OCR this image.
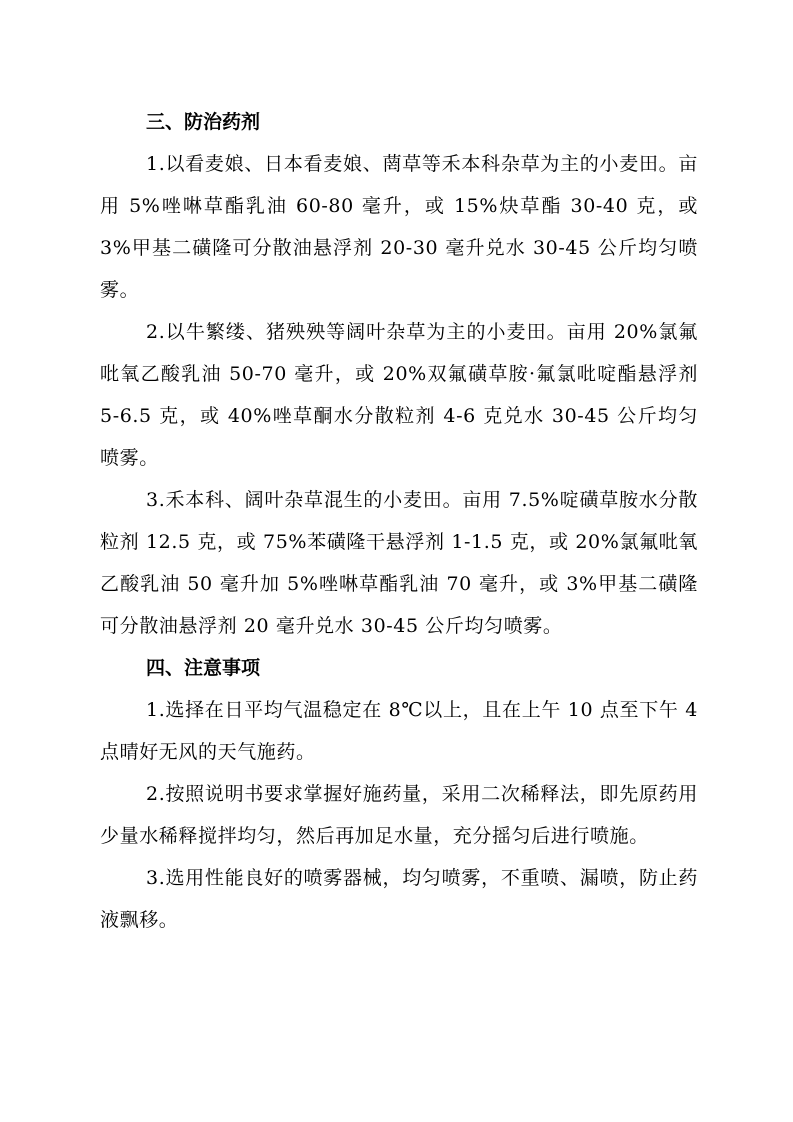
三、防治药剂

1.以看麦娘、日本看麦娘、菵草等禾本科杂草为主的小麦田。亩用 5%唑啉草酯乳油 60-80 毫升，或 15%炔草酯 30-40 克，或 3%甲基二磺隆可分散油悬浮剂 20-30 毫升兑水 30-45 公斤均匀喷雾。

2.以牛繁缕、猪殃殃等阔叶杂草为主的小麦田。亩用 20%氯氟吡氧乙酸乳油 50-70 毫升，或 20%双氟磺草胺·氟氯吡啶酯悬浮剂 5-6.5 克，或 40%唑草酮水分散粒剂 4-6 克兑水 30-45 公斤均匀喷雾。

3.禾本科、阔叶杂草混生的小麦田。亩用 7.5%啶磺草胺水分散粒剂 12.5 克，或 75%苯磺隆干悬浮剂 1-1.5 克，或 20%氯氟吡氧乙酸乳油 50 毫升加 5%唑啉草酯乳油 70 毫升，或 3%甲基二磺隆可分散油悬浮剂 20 毫升兑水 30-45 公斤均匀喷雾。

四、注意事项

1.选择在日平均气温稳定在 8℃以上，且在上午 10 点至下午 4 点晴好无风的天气施药。

2.按照说明书要求掌握好施药量，采用二次稀释法，即先原药用少量水稀释搅拌均匀，然后再加足水量，充分摇匀后进行喷施。

3.选用性能良好的喷雾器械，均匀喷雾，不重喷、漏喷，防止药液飘移。
